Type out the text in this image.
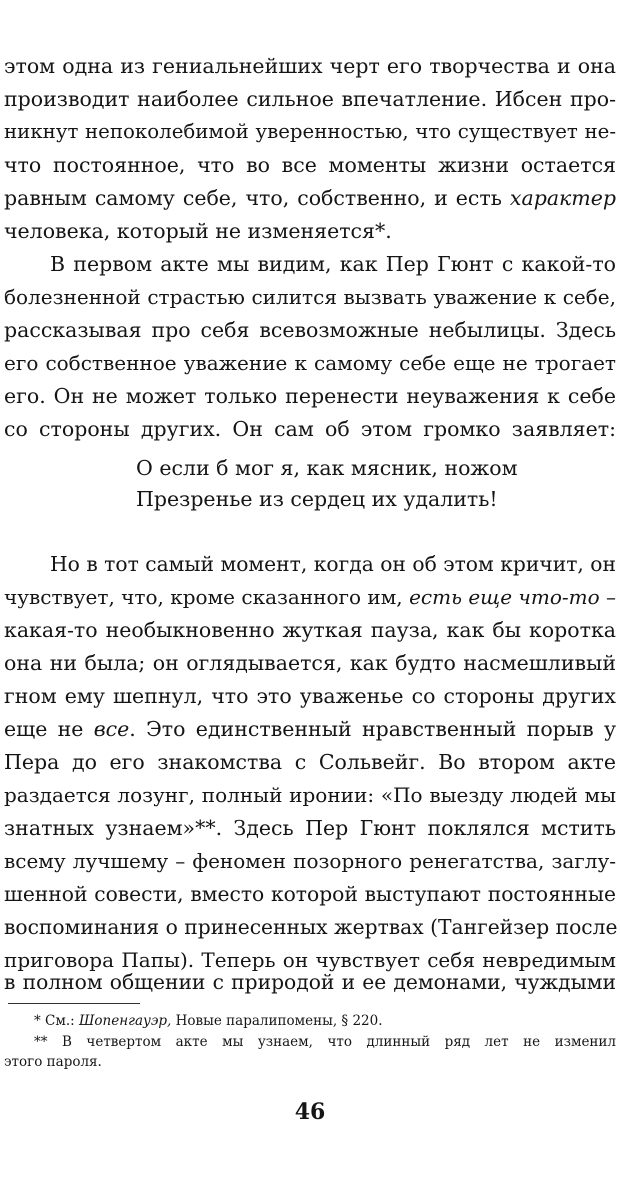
этом одна из гениальнейших черт его творчества и она
производит наиболее сильное впечатление. Ибсен про-
никнут непоколебимой уверенностью, что существует не-
что постоянное, что во все моменты жизни остается
равным самому себе, что, собственно, и есть характер
человека, который не изменяется*.
В первом акте мы видим, как Пер Гюнт с какой-то
болезненной страстью силится вызвать уважение к себе,
рассказывая про себя всевозможные небылицы. Здесь
его собственное уважение к самому себе еще не трогает
его. Он не может только перенести неуважения к себе
со стороны других. Он сам об этом громко заявляет:
О если б мог я, как мясник, ножом
Презренье из сердец их удалить!
Но в тот самый момент, когда он об этом кричит, он
чувствует, что, кроме сказанного им, есть еще что-то –
какая-то необыкновенно жуткая пауза, как бы коротка
она ни была; он оглядывается, как будто насмешливый
гном ему шепнул, что это уваженье со стороны других
еще не все. Это единственный нравственный порыв у
Пера до его знакомства с Сольвейг. Во втором акте
раздается лозунг, полный иронии: «По выезду людей мы
знатных узнаем»**. Здесь Пер Гюнт поклялся мстить
всему лучшему – феномен позорного ренегатства, заглу-
шенной совести, вместо которой выступают постоянные
воспоминания о принесенных жертвах (Тангейзер после
приговора Папы). Теперь он чувствует себя невредимым
в полном общении с природой и ее демонами, чуждыми
* См.: Шопенгауэр, Новые паралипомены, § 220.
** В четвертом акте мы узнаем, что длинный ряд лет не изменил
этого пароля.
46
